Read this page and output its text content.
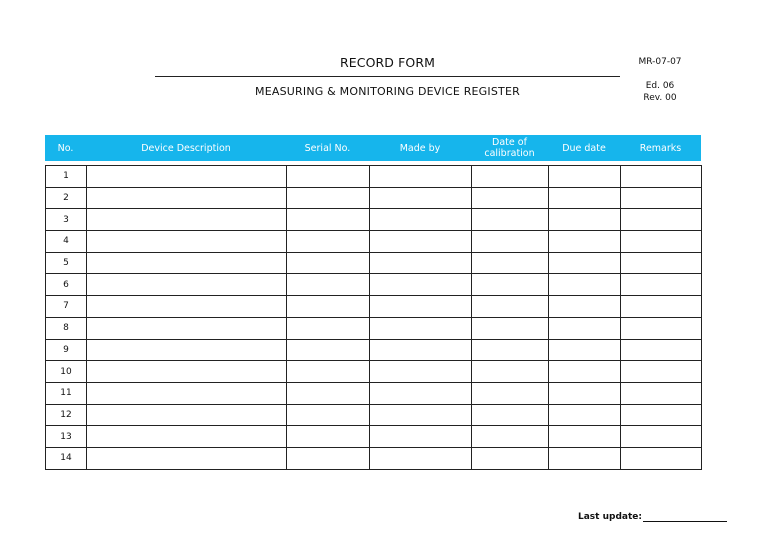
RECORD FORM
MEASURING & MONITORING DEVICE REGISTER
MR-07-07
Ed. 06
Rev. 00
No.	Device Description	Serial No.	Made by	Date of calibration	Due date	Remarks
1						
2						
3						
4						
5						
6						
7						
8						
9						
10						
11						
12						
13						
14						
Last update:
